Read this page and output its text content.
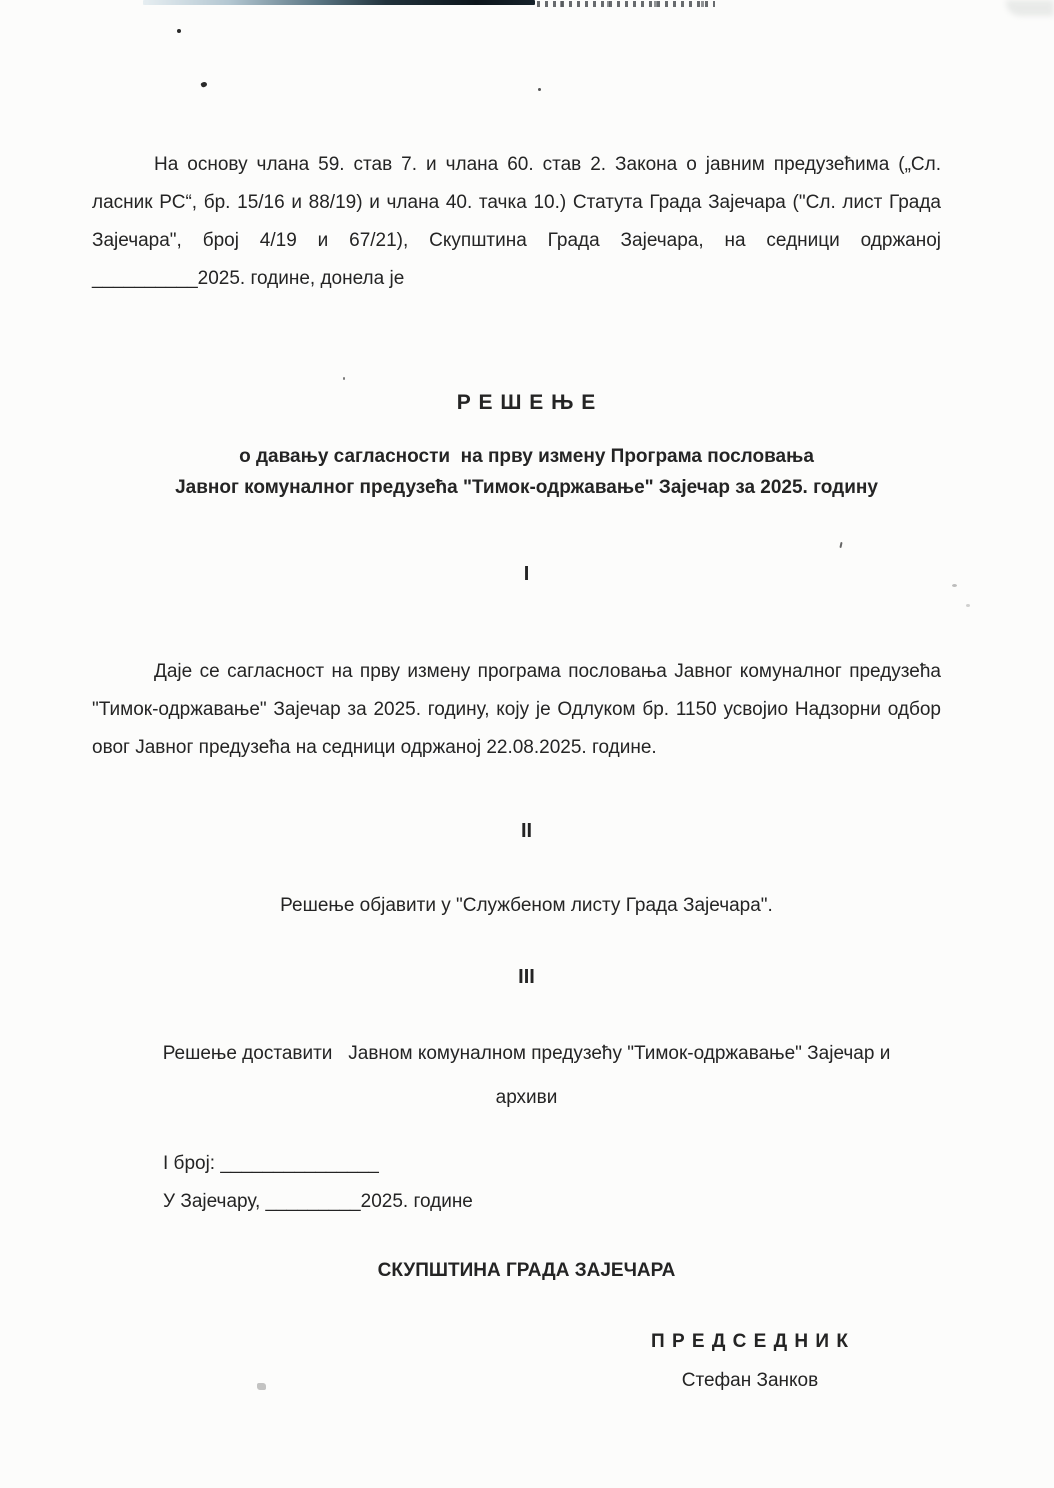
На основу члана 59. став 7. и члана 60. став 2. Закона о јавним предузећима („Сл. ласник РС“, бр. 15/16 и 88/19) и члана 40. тачка 10.) Статута Града Зајечара ("Сл. лист Града Зајечара", број 4/19 и 67/21), Скупштина Града Зајечара, на седници одржаној __________2025. године, донела је

Р Е Ш Е Њ Е
о давању сагласности  на прву измену Програма пословања
Јавног комуналног предузећа "Тимок-одржавање" Зајечар за 2025. годину
I

Даје се сагласност на прву измену програма пословања Јавног комуналног предузећа "Тимок-одржавање" Зајечар за 2025. годину, коју је Одлуком бр. 1150 усвојио Надзорни одбор овог Јавног предузећа на седници одржаној 22.08.2025. године.

II
Решење објавити у "Службеном листу Града Зајечара".
III
Решење доставити   Јавном комуналном предузећу "Тимок-одржавање" Зајечар и
архиви
I број: _______________
У Зајечару, _________2025. године
СКУПШТИНА ГРАДА ЗАЈЕЧАРА
П Р Е Д С Е Д Н И К
Стефан Занков
